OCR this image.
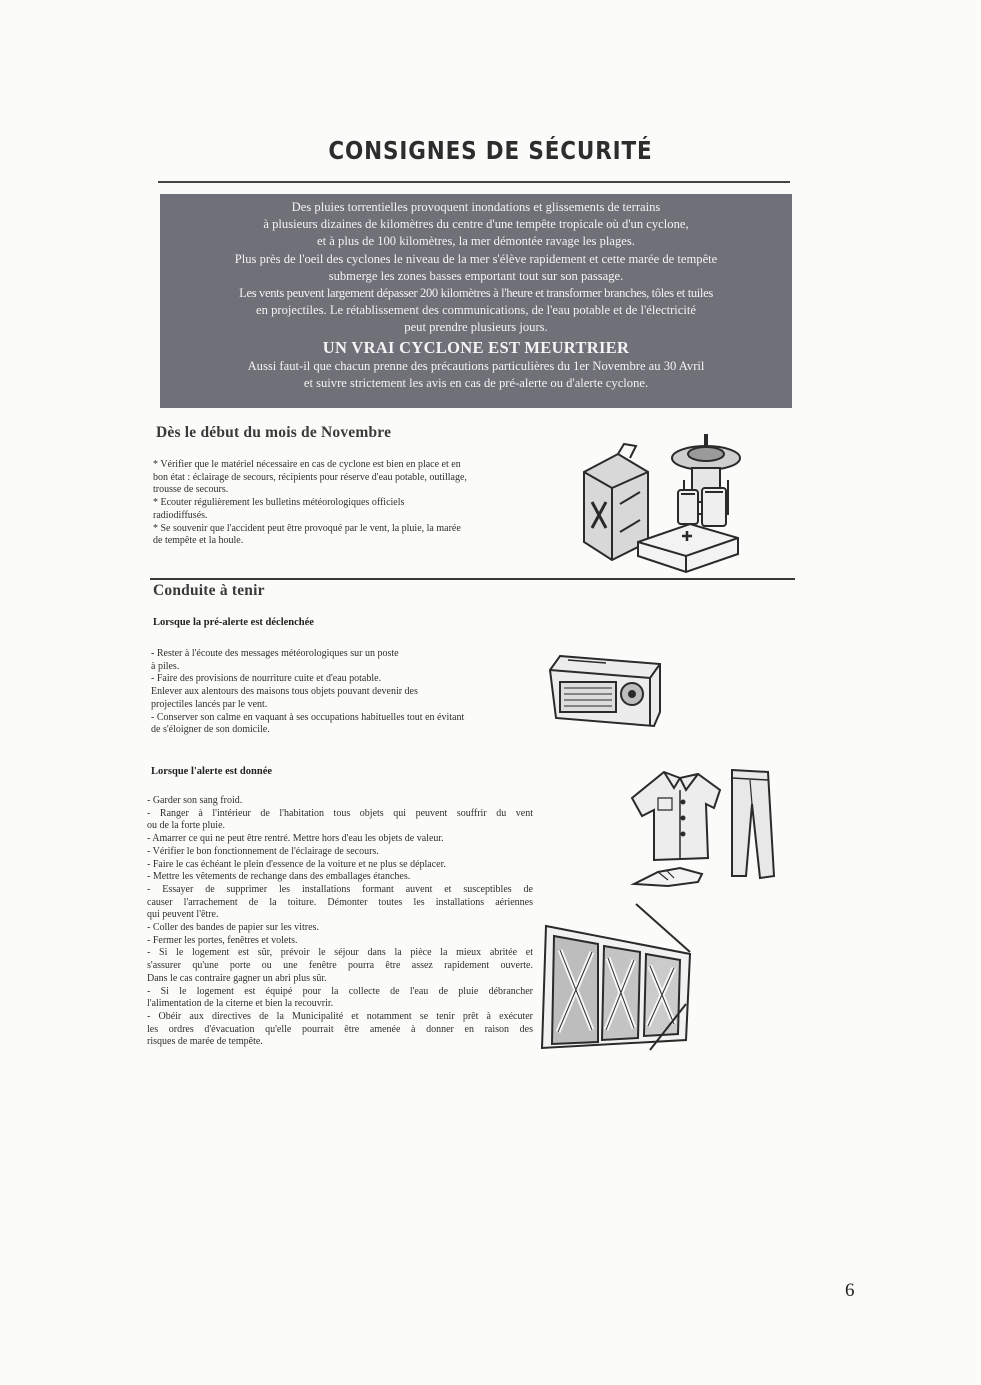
CONSIGNES DE SÉCURITÉ
Des pluies torrentielles provoquent inondations et glissements de terrains
à plusieurs dizaines de kilomètres du centre d'une tempête tropicale où d'un cyclone,
et à plus de 100 kilomètres, la mer démontée ravage les plages.
Plus près de l'oeil des cyclones le niveau de la mer s'élève rapidement et cette marée de tempête
submerge les zones basses emportant tout sur son passage.
Les vents peuvent largement dépasser 200 kilomètres à l'heure et transformer branches, tôles et tuiles
en projectiles. Le rétablissement des communications, de l'eau potable et de l'électricité
peut prendre plusieurs jours.
UN VRAI CYCLONE EST MEURTRIER
Aussi faut-il que chacun prenne des précautions particulières du 1er Novembre au 30 Avril
et suivre strictement les avis en cas de pré-alerte ou d'alerte cyclone.
Dès le début du mois de Novembre
* Vérifier que le matériel nécessaire en cas de cyclone est bien en place et en
bon état : éclairage de secours, récipients pour réserve d'eau potable, outillage,
trousse de secours.
* Ecouter régulièrement les bulletins météorologiques officiels
radiodiffusés.
* Se souvenir que l'accident peut être provoqué par le vent, la pluie, la marée
de tempête et la houle.
Conduite à tenir
Lorsque la pré-alerte est déclenchée
- Rester à l'écoute des messages météorologiques sur un poste
à piles.
- Faire des provisions de nourriture cuite et d'eau potable.
Enlever aux alentours des maisons tous objets pouvant devenir des
projectiles lancés par le vent.
- Conserver son calme en vaquant à ses occupations habituelles tout en évitant
de s'éloigner de son domicile.
Lorsque l'alerte est donnée
- Garder son sang froid.
- Ranger à l'intérieur de l'habitation tous objets qui peuvent souffrir du vent
ou de la forte pluie.
- Amarrer ce qui ne peut être rentré. Mettre hors d'eau les objets de valeur.
- Vérifier le bon fonctionnement de l'éclairage de secours.
- Faire le cas échéant le plein d'essence de la voiture et ne plus se déplacer.
- Mettre les vêtements de rechange dans des emballages étanches.
- Essayer de supprimer les installations formant auvent et susceptibles de
causer l'arrachement de la toiture. Démonter toutes les installations aériennes
qui peuvent l'être.
- Coller des bandes de papier sur les vitres.
- Fermer les portes, fenêtres et volets.
- Si le logement est sûr, prévoir le séjour dans la pièce la mieux abritée et
s'assurer qu'une porte ou une fenêtre pourra être assez rapidement ouverte.
Dans le cas contraire gagner un abri plus sûr.
- Si le logement est équipé pour la collecte de l'eau de pluie débrancher
l'alimentation de la citerne et bien la recouvrir.
- Obéir aux directives de la Municipalité et notamment se tenir prêt à exécuter
les ordres d'évacuation qu'elle pourrait être amenée à donner en raison des
risques de marée de tempête.
6
